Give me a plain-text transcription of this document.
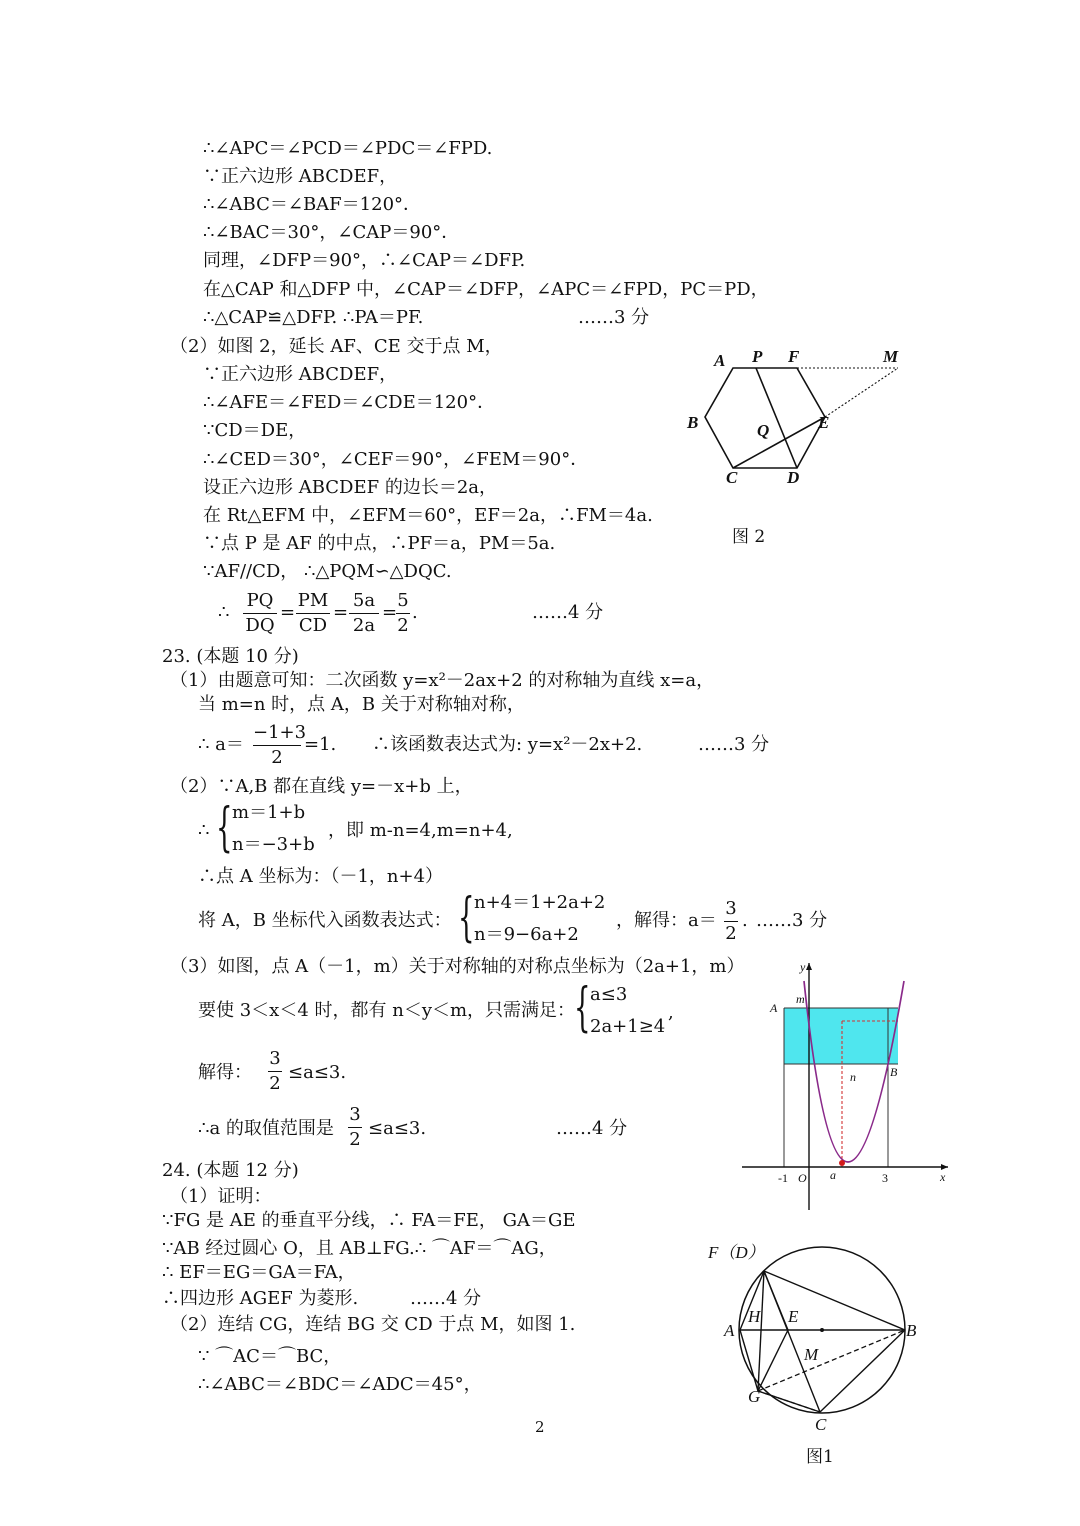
∴∠APC＝∠PCD＝∠PDC＝∠FPD.
∵正六边形 ABCDEF，
∴∠ABC＝∠BAF＝120°．
∴∠BAC＝30°，∠CAP＝90°．
同理，∠DFP＝90°，∴∠CAP＝∠DFP.
在△CAP 和△DFP 中，∠CAP＝∠DFP，∠APC＝∠FPD，PC＝PD，
∴△CAP≌△DFP. ∴PA＝PF.	……3 分
（2）如图 2，延长 AF、CE 交于点 M，
∵正六边形 ABCDEF，
∴∠AFE＝∠FED＝∠CDE＝120°．
∵CD＝DE，
∴∠CED＝30°，∠CEF＝90°，∠FEM＝90°．
设正六边形 ABCDEF 的边长＝2a，
在 Rt△EFM 中，∠EFM＝60°，EF＝2a，∴FM＝4a.
∵点 P 是 AF 的中点，∴PF＝a，PM＝5a.
∵AF//CD， ∴△PQM∽△DQC.
∴
PQ
DQ
=
PM
CD
=
5a
2a
=
5
2
.	……4 分
23. (本题 10 分)
（1）由题意可知：二次函数 y=x²－2ax+2 的对称轴为直线 x=a，
当 m=n 时，点 A，B 关于对称轴对称，
∴ a＝
−1+3
2
=1. ∴该函数表达式为: y=x²－2x+2.	……3 分
（2）∵A,B 都在直线 y=－x+b 上，
∴ { m＝1+b
n＝−3+b
，即 m-n=4,m=n+4,
∴点 A 坐标为：（－1，n+4）
将 A，B 坐标代入函数表达式： { n+4＝1+2a+2
n＝9−6a+2
，解得：a＝
3
2
. ……3 分
（3）如图，点 A（－1，m）关于对称轴的对称点坐标为（2a+1，m）
要使 3＜x＜4 时，都有 n＜y＜m，只需满足：
{ a≤3
2a+1≥4
,
解得：
3
2
≤a≤3.
∴a 的取值范围是
3
2
≤a≤3.	……4 分
24. (本题 12 分)
（1）证明：
∵FG 是 AE 的垂直平分线，∴ FA＝FE， GA＝GE
∵AB 经过圆心 O，且 AB⊥FG.∴ ⌒AF＝⌒AG，
∴ EF＝EG＝GA＝FA，
∴四边形 AGEF 为菱形.	……4 分
（2）连结 CG，连结 BG 交 CD 于点 M，如图 1.
∵ ⌒AC＝⌒BC，
∴∠ABC＝∠BDC＝∠ADC＝45°，
2
A P F	M
B	Q	E
C	D
图 2
y
x
A
m
B
n
O a
-1	3
F（D）
A
H E
B
M
G
C
图1
